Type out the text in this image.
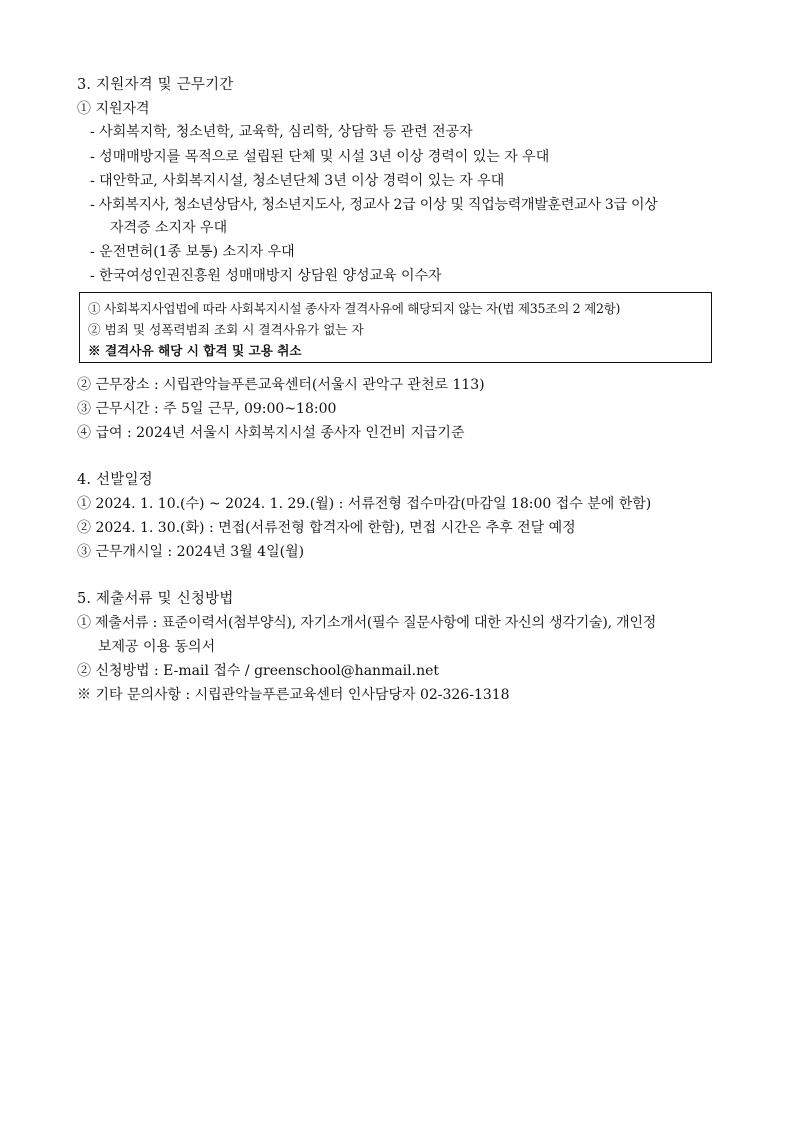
3. 지원자격 및 근무기간
① 지원자격
- 사회복지학, 청소년학, 교육학, 심리학, 상담학 등 관련 전공자
- 성매매방지를 목적으로 설립된 단체 및 시설 3년 이상 경력이 있는 자 우대
- 대안학교, 사회복지시설, 청소년단체 3년 이상 경력이 있는 자 우대
- 사회복지사, 청소년상담사, 청소년지도사, 정교사 2급 이상 및 직업능력개발훈련교사 3급 이상
자격증 소지자 우대
- 운전면허(1종 보통) 소지자 우대
- 한국여성인권진흥원 성매매방지 상담원 양성교육 이수자
① 사회복지사업법에 따라 사회복지시설 종사자 결격사유에 해당되지 않는 자(법 제35조의 2 제2항)
② 범죄 및 성폭력범죄 조회 시 결격사유가 없는 자
※ 결격사유 해당 시 합격 및 고용 취소
② 근무장소 : 시립관악늘푸른교육센터(서울시 관악구 관천로 113)
③ 근무시간 : 주 5일 근무, 09:00~18:00
④ 급여 : 2024년 서울시 사회복지시설 종사자 인건비 지급기준
4. 선발일정
① 2024. 1. 10.(수) ~ 2024. 1. 29.(월) : 서류전형 접수마감(마감일 18:00 접수 분에 한함)
② 2024. 1. 30.(화) : 면접(서류전형 합격자에 한함), 면접 시간은 추후 전달 예정
③ 근무개시일 : 2024년 3월 4일(월)
5. 제출서류 및 신청방법
① 제출서류 : 표준이력서(첨부양식), 자기소개서(필수 질문사항에 대한 자신의 생각기술), 개인정
보제공 이용 동의서
② 신청방법 : E-mail 접수 / greenschool@hanmail.net
※ 기타 문의사항 : 시립관악늘푸른교육센터 인사담당자 02-326-1318
